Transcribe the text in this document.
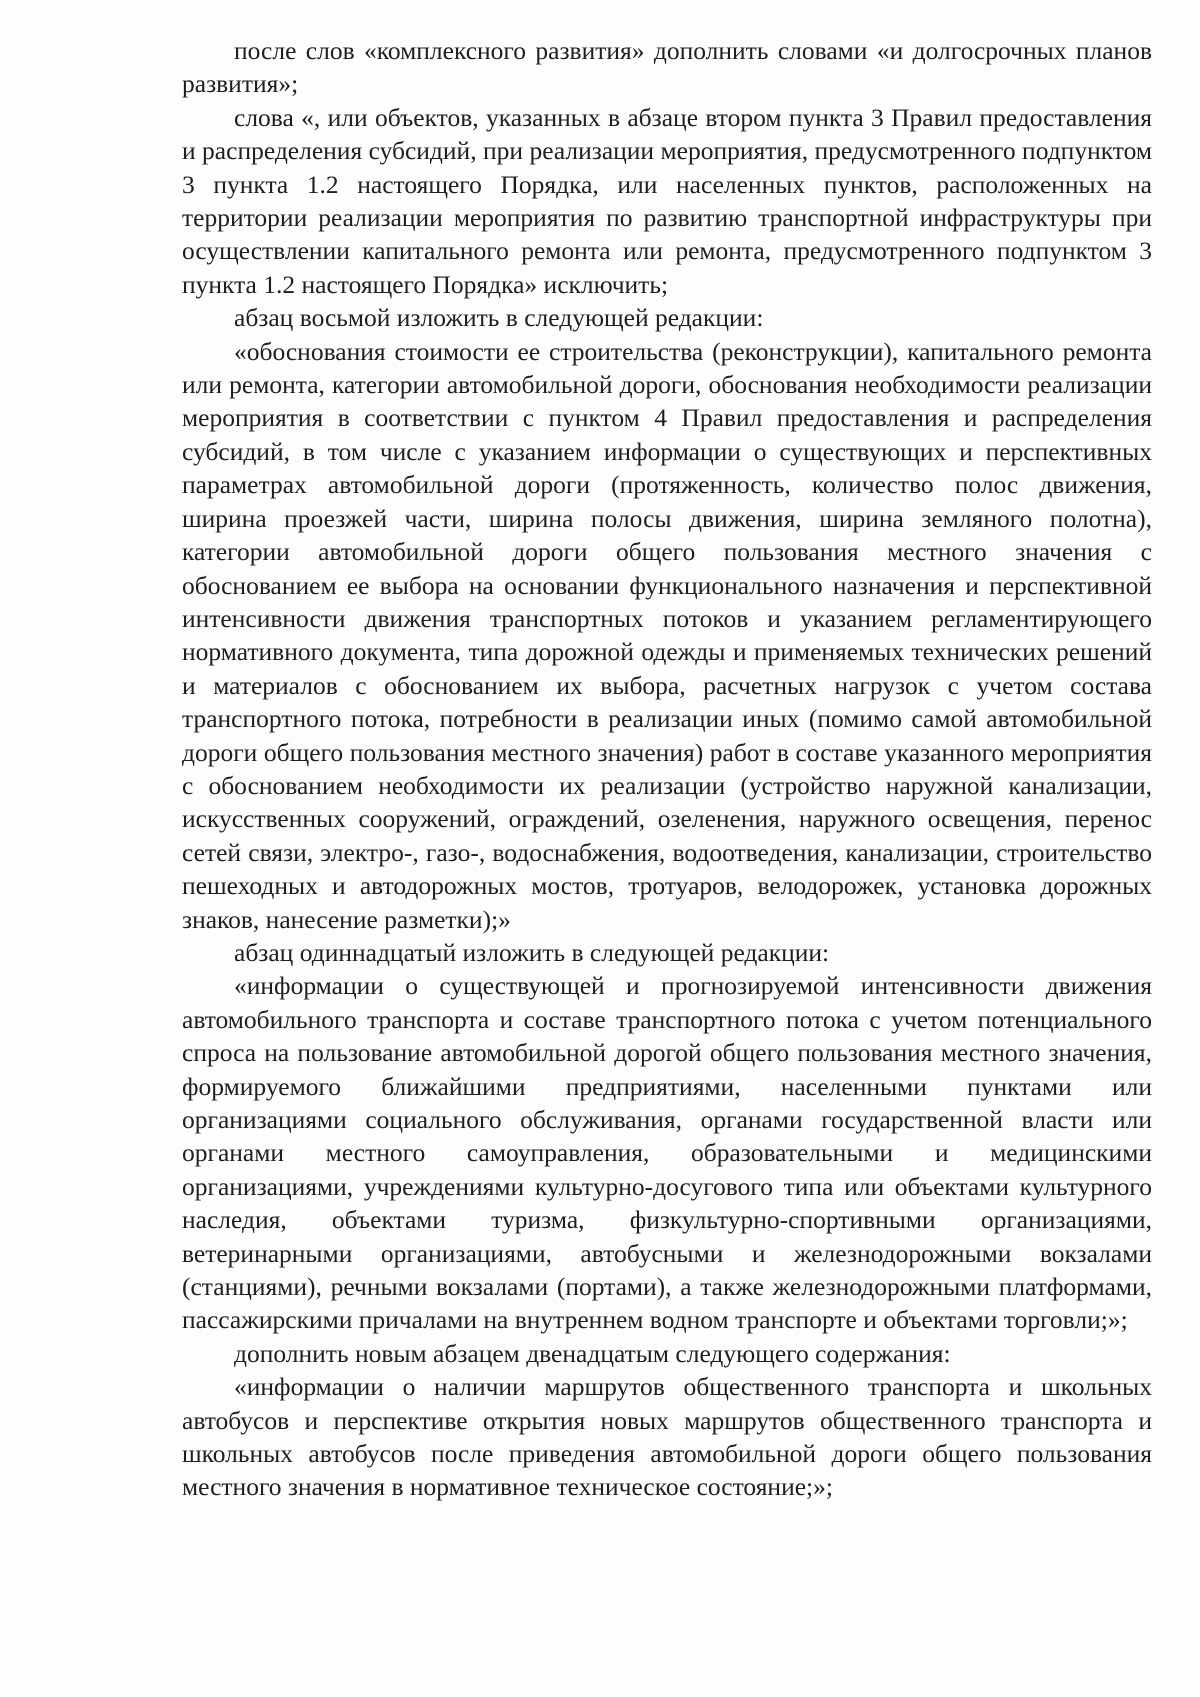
после слов «комплексного развития» дополнить словами «и долгосрочных планов развития»;

слова «, или объектов, указанных в абзаце втором пункта 3 Правил предоставления и распределения субсидий, при реализации мероприятия, предусмотренного подпунктом 3 пункта 1.2 настоящего Порядка, или населенных пунктов, расположенных на территории реализации мероприятия по развитию транспортной инфраструктуры при осуществлении капитального ремонта или ремонта, предусмотренного подпунктом 3 пункта 1.2 настоящего Порядка» исключить;

абзац восьмой изложить в следующей редакции:

«обоснования стоимости ее строительства (реконструкции), капитального ремонта или ремонта, категории автомобильной дороги, обоснования необходимости реализации мероприятия в соответствии с пунктом 4 Правил предоставления и распределения субсидий, в том числе с указанием информации о существующих и перспективных параметрах автомобильной дороги (протяженность, количество полос движения, ширина проезжей части, ширина полосы движения, ширина земляного полотна), категории автомобильной дороги общего пользования местного значения с обоснованием ее выбора на основании функционального назначения и перспективной интенсивности движения транспортных потоков и указанием регламентирующего нормативного документа, типа дорожной одежды и применяемых технических решений и материалов с обоснованием их выбора, расчетных нагрузок с учетом состава транспортного потока, потребности в реализации иных (помимо самой автомобильной дороги общего пользования местного значения) работ в составе указанного мероприятия с обоснованием необходимости их реализации (устройство наружной канализации, искусственных сооружений, ограждений, озеленения, наружного освещения, перенос сетей связи, электро-, газо-, водоснабжения, водоотведения, канализации, строительство пешеходных и автодорожных мостов, тротуаров, велодорожек, установка дорожных знаков, нанесение разметки);»

абзац одиннадцатый изложить в следующей редакции:

«информации о существующей и прогнозируемой интенсивности движения автомобильного транспорта и составе транспортного потока с учетом потенциального спроса на пользование автомобильной дорогой общего пользования местного значения, формируемого ближайшими предприятиями, населенными пунктами или организациями социального обслуживания, органами государственной власти или органами местного самоуправления, образовательными и медицинскими организациями, учреждениями культурно-досугового типа или объектами культурного наследия, объектами туризма, физкультурно-спортивными организациями, ветеринарными организациями, автобусными и железнодорожными вокзалами (станциями), речными вокзалами (портами), а также железнодорожными платформами, пассажирскими причалами на внутреннем водном транспорте и объектами торговли;»;

дополнить новым абзацем двенадцатым следующего содержания:

«информации о наличии маршрутов общественного транспорта и школьных автобусов и перспективе открытия новых маршрутов общественного транспорта и школьных автобусов после приведения автомобильной дороги общего пользования местного значения в нормативное техническое состояние;»;
